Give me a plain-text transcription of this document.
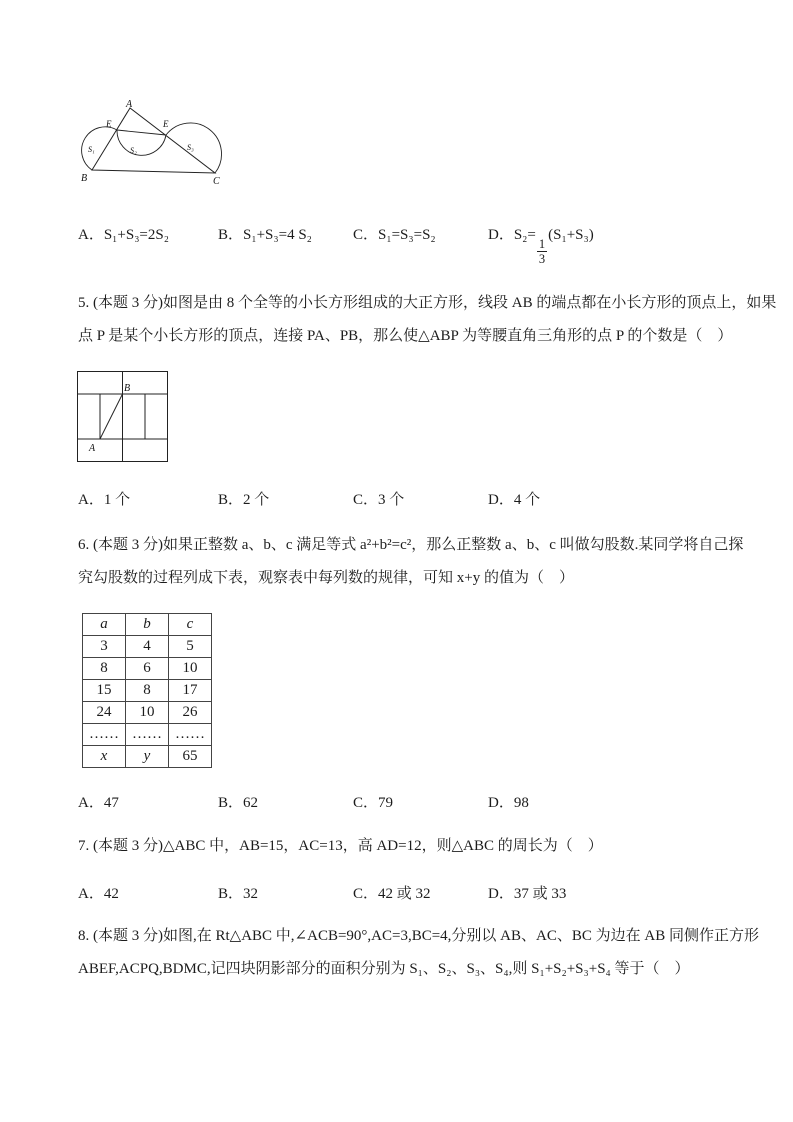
A
E	E
B	C
S₁	S₂	S₃
A．S₁+S₃=2S₂	B．S₁+S₃=4 S₂	C．S₁=S₃=S₂	D．S₂=
$\frac{1}{3}$
(S₁+S₃)

5. (本题 3 分)如图是由 8 个全等的小长方形组成的大正方形，线段 AB 的端点都在小长方形的顶点上，如果

点 P 是某个小长方形的顶点，连接 PA、PB，那么使△ABP 为等腰直角三角形的点 P 的个数是（　）

B
A
A．1 个	B．2 个	C．3 个	D．4 个

6. (本题 3 分)如果正整数 a、b、c 满足等式 a²+b²=c²，那么正整数 a、b、c 叫做勾股数.某同学将自己探

究勾股数的过程列成下表，观察表中每列数的规律，可知 x+y 的值为（　）

a	b	c
3	4	5
8	6	10
15	8	17
24	10	26
……	……	……
x	y	65
A．47	B．62	C．79	D．98

7. (本题 3 分)△ABC 中，AB=15，AC=13，高 AD=12，则△ABC 的周长为（　）

A．42	B．32	C．42 或 32	D．37 或 33

8. (本题 3 分)如图,在 Rt△ABC 中,∠ACB=90°,AC=3,BC=4,分别以 AB、AC、BC 为边在 AB 同侧作正方形

ABEF,ACPQ,BDMC,记四块阴影部分的面积分别为 S₁、S₂、S₃、S₄,则 S₁+S₂+S₃+S₄ 等于（　）
